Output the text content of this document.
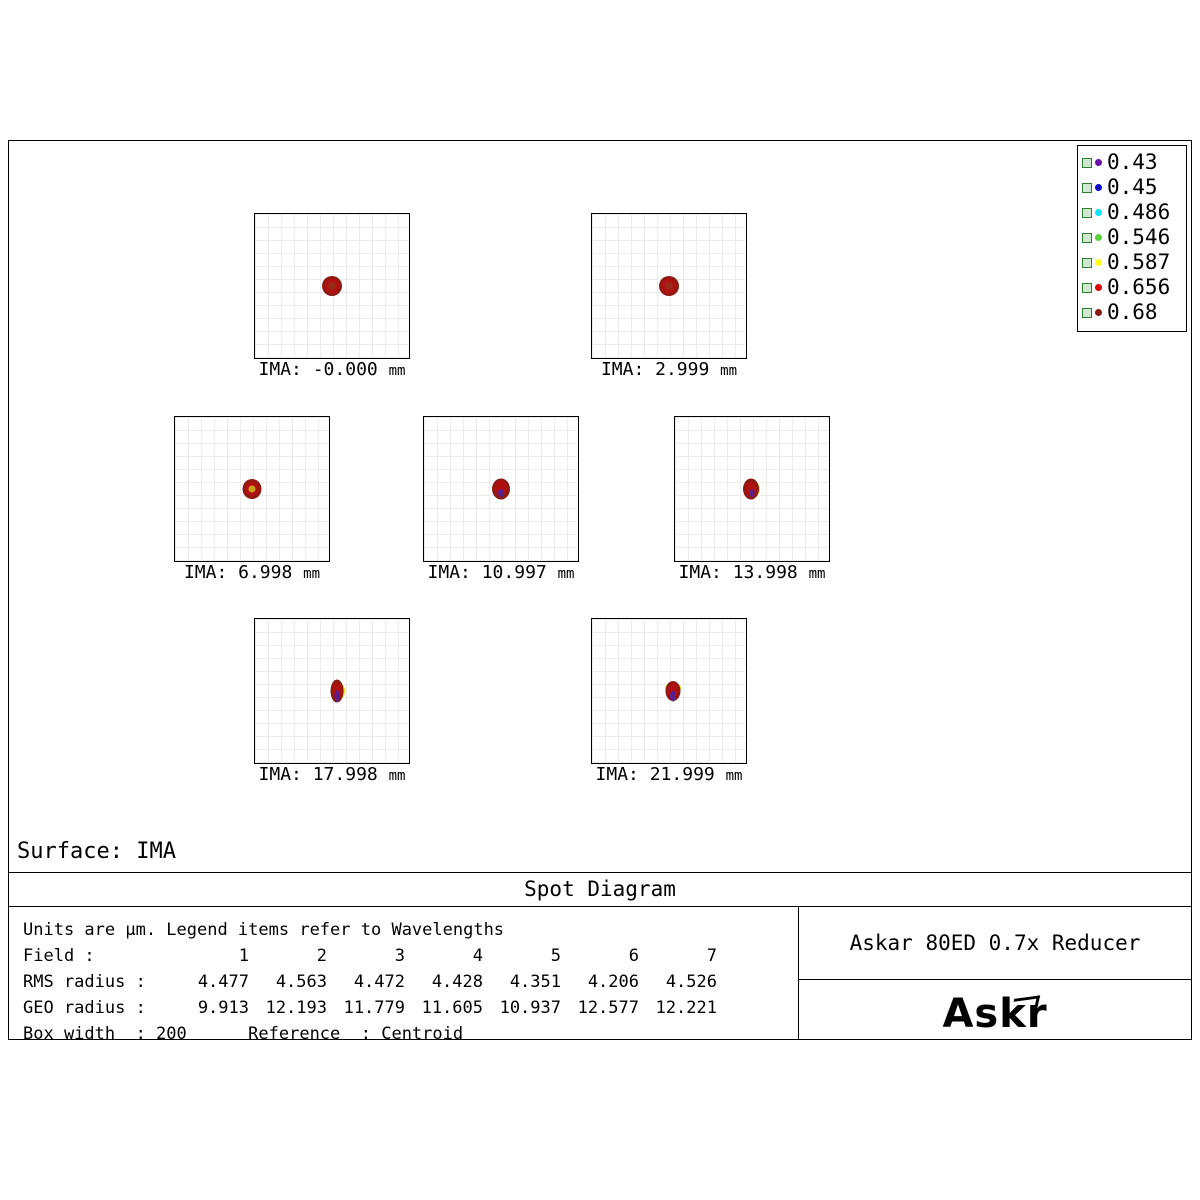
0.43
0.45
0.486
0.546
0.587
0.656
0.68
IMA: -0.000 mm	IMA: 2.999 mm
IMA: 6.998 mm	IMA: 10.997 mm	IMA: 13.998 mm
IMA: 17.998 mm	IMA: 21.999 mm
Surface: IMA
Spot Diagram
Units are µm. Legend items refer to Wavelengths
Field :	1	2	3	4	5	6	7
RMS radius :	4.477	4.563	4.472	4.428	4.351	4.206	4.526
GEO radius :	9.913	12.193	11.779	11.605	10.937	12.577	12.221
Box width  : 200      Reference  : Centroid
Askar 80ED 0.7x Reducer
Askr
